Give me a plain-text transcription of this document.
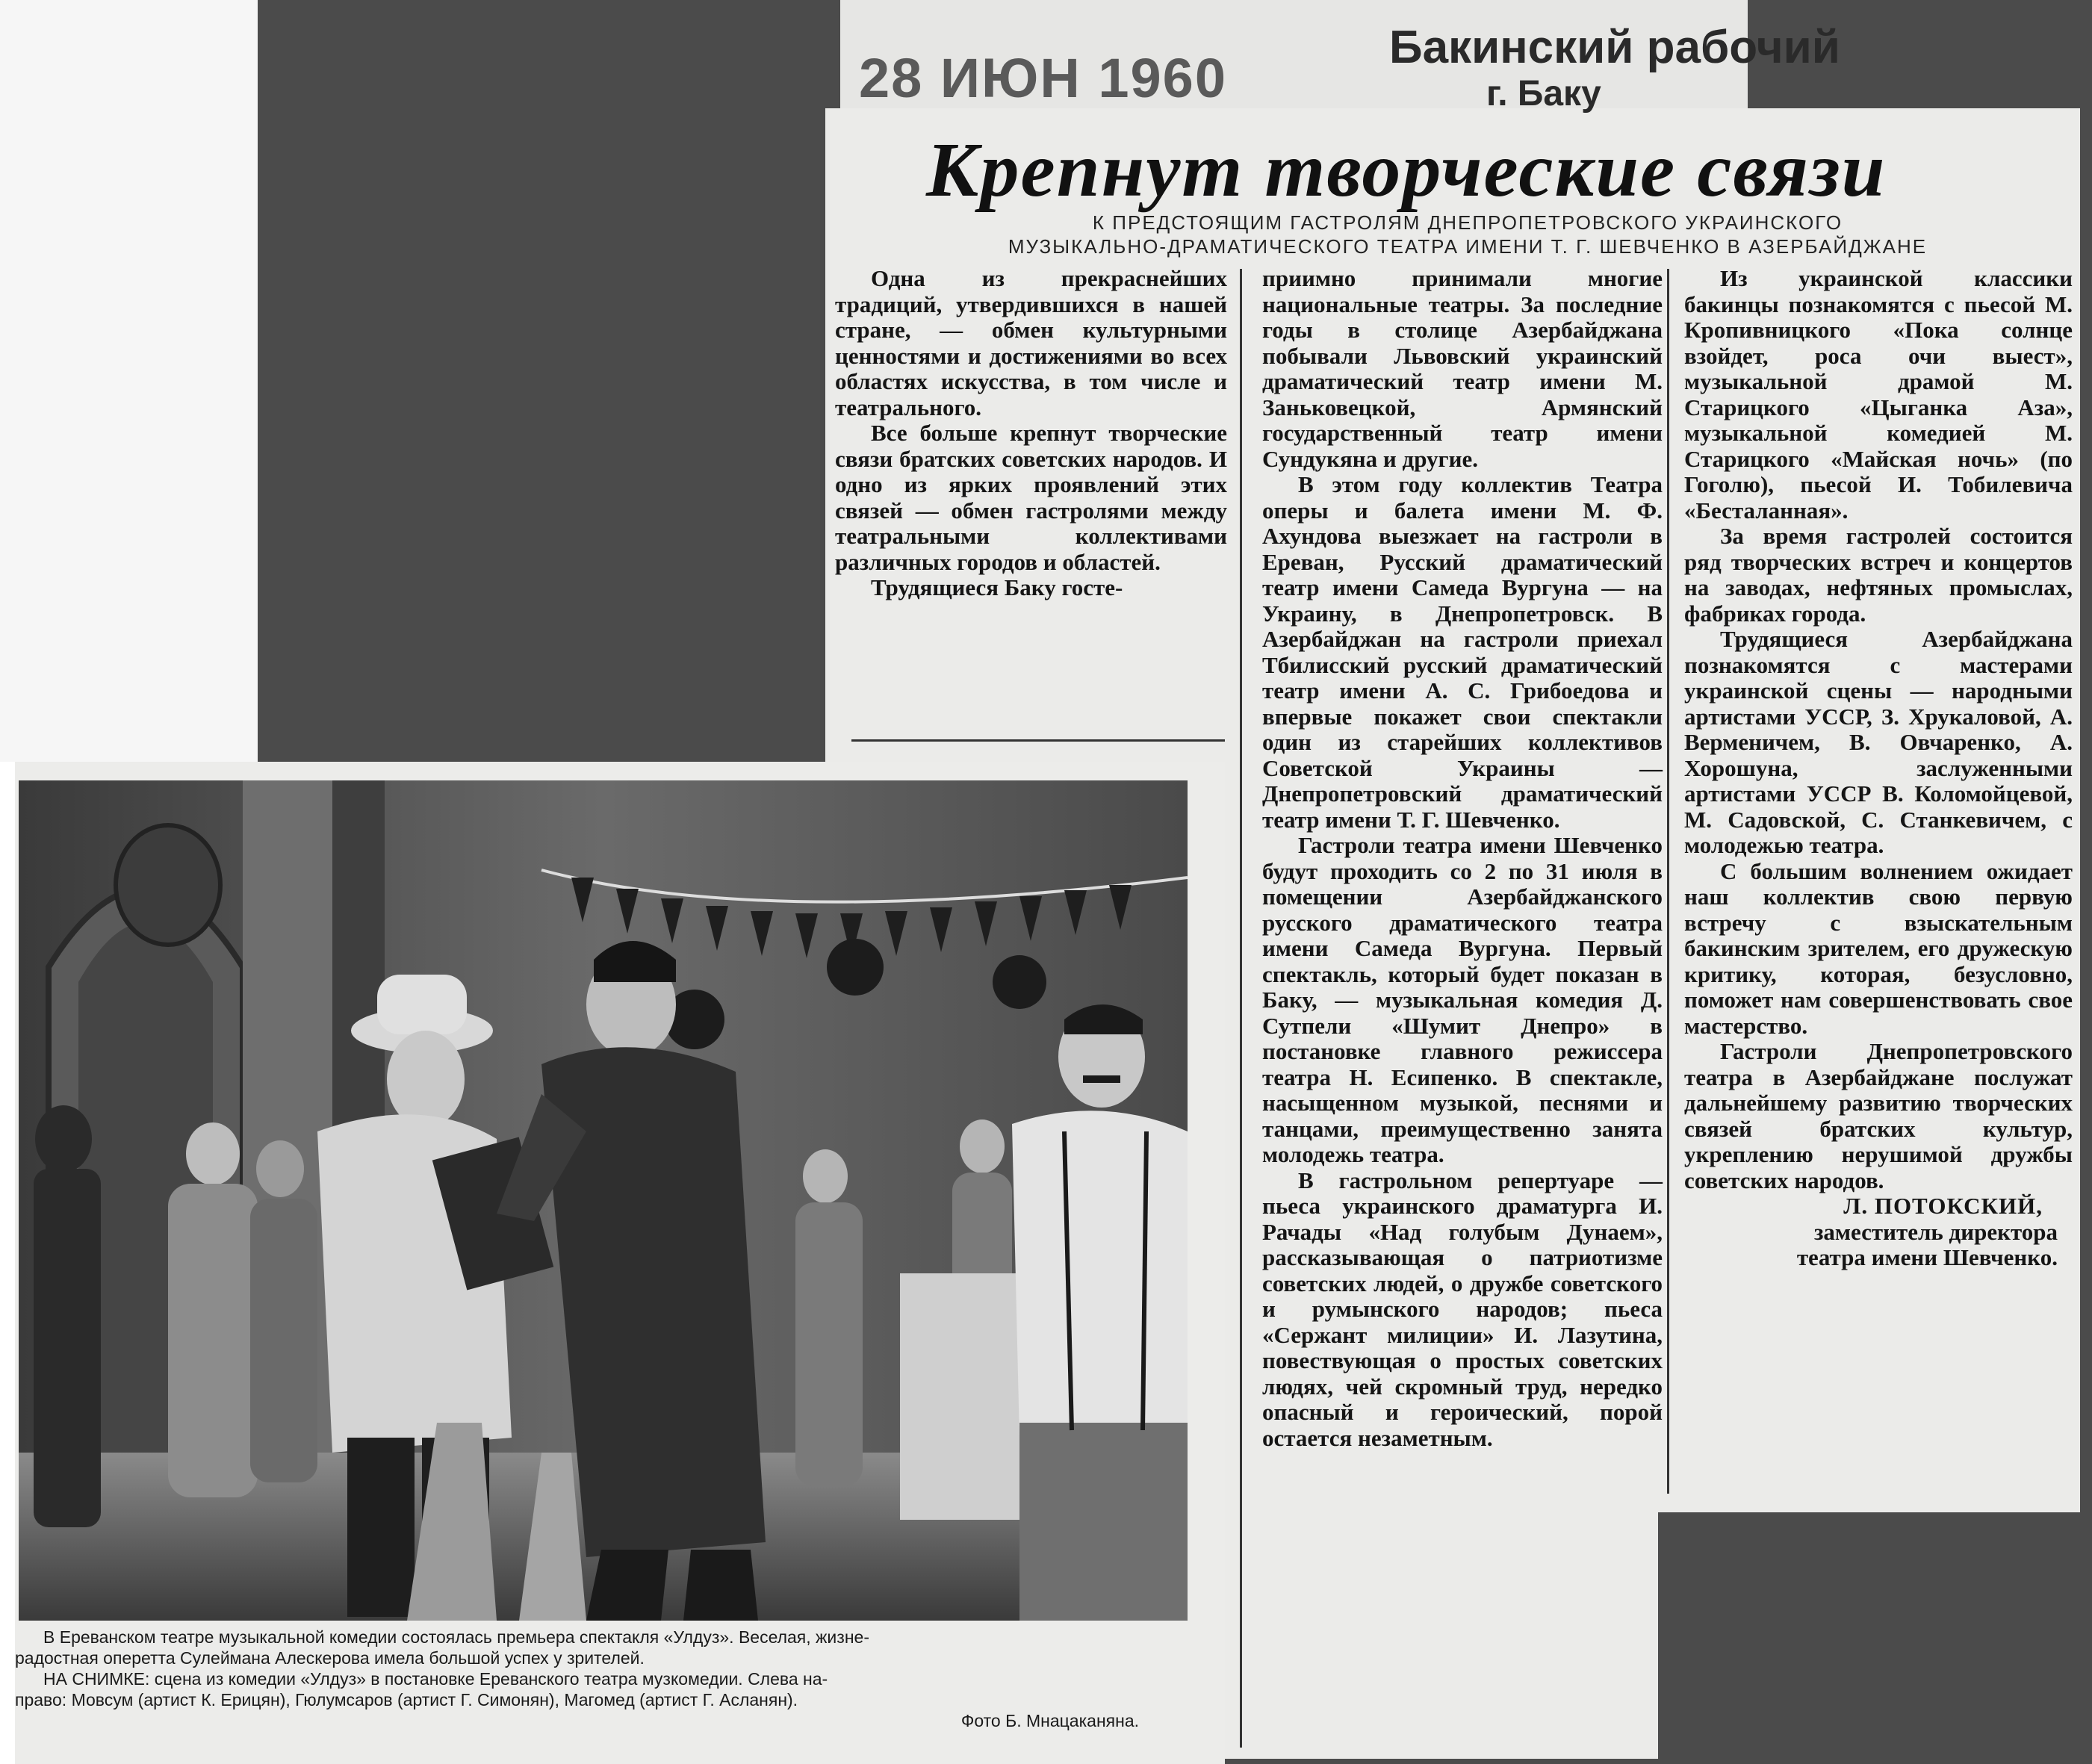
28 ИЮН 1960	Бакинский рабочий
г. Баку
Крепнут творческие связи
К ПРЕДСТОЯЩИМ ГАСТРОЛЯМ ДНЕПРОПЕТРОВСКОГО УКРАИНСКОГО
МУЗЫКАЛЬНО-ДРАМАТИЧЕСКОГО ТЕАТРА ИМЕНИ Т. Г. ШЕВЧЕНКО В АЗЕРБАЙДЖАНЕ

Одна из прекраснейших традиций, утвердившихся в нашей стране, — обмен культурными ценностями и достижениями во всех областях искусства, в том числе и театрального.

Все больше крепнут творческие связи братских советских народов. И одно из ярких проявлений этих связей — обмен гастролями между театральными коллективами различных городов и областей.

Трудящиеся Баку госте-

приимно принимали многие национальные театры. За последние годы в столице Азербайджана побывали Львовский украинский драматический театр имени М. Заньковецкой, Армянский государственный театр имени Сундукяна и другие.

В этом году коллектив Театра оперы и балета имени М. Ф. Ахундова выезжает на гастроли в Ереван, Русский драматический театр имени Самеда Вургуна — на Украину, в Днепропетровск. В Азербайджан на гастроли приехал Тбилисский русский драматический театр имени А. С. Грибоедова и впервые покажет свои спектакли один из старейших коллективов Советской Украины — Днепропетровский драматический театр имени Т. Г. Шевченко.

Гастроли театра имени Шевченко будут проходить со 2 по 31 июля в помещении Азербайджанского русского драматического театра имени Самеда Вургуна. Первый спектакль, который будет показан в Баку, — музыкальная комедия Д. Сутпели «Шумит Днепро» в постановке главного режиссера театра Н. Есипенко. В спектакле, насыщенном музыкой, песнями и танцами, преимущественно занята молодежь театра.

В гастрольном репертуаре — пьеса украинского драматурга И. Рачады «Над голубым Дунаем», рассказывающая о патриотизме советских людей, о дружбе советского и румынского народов; пьеса «Сержант милиции» И. Лазутина, повествующая о простых советских людях, чей скромный труд, нередко опасный и героический, порой остается незаметным.

Из украинской классики бакинцы познакомятся с пьесой М. Кропивницкого «Пока солнце взойдет, роса очи выест», музыкальной драмой М. Старицкого «Цыганка Аза», музыкальной комедией М. Старицкого «Майская ночь» (по Гоголю), пьесой И. Тобилевича «Бесталанная».

За время гастролей состоится ряд творческих встреч и концертов на заводах, нефтяных промыслах, фабриках города.

Трудящиеся Азербайджана познакомятся с мастерами украинской сцены — народными артистами УССР, З. Хрукаловой, А. Верменичем, В. Овчаренко, А. Хорошуна, заслуженными артистами УССР В. Коломойцевой, М. Садовской, С. Станкевичем, с молодежью театра.

С большим волнением ожидает наш коллектив свою первую встречу с взыскательным бакинским зрителем, его дружескую критику, которая, безусловно, поможет нам совершенствовать свое мастерство.

Гастроли Днепропетровского театра в Азербайджане послужат дальнейшему развитию творческих связей братских культур, укреплению нерушимой дружбы советских народов.

Л. ПОТОКСКИЙ,

заместитель директора

театра имени Шевченко.

В Ереванском театре музыкальной комедии состоялась премьера спектакля «Улдуз». Веселая, жизне-
радостная оперетта Сулеймана Алескерова имела большой успех у зрителей.
НА СНИМКЕ: сцена из комедии «Улдуз» в постановке Ереванского театра музкомедии. Слева на-
право: Мовсум (артист К. Ерицян), Гюлумсаров (артист Г. Симонян), Магомед (артист Г. Асланян).
Фото Б. Мнацаканяна.
